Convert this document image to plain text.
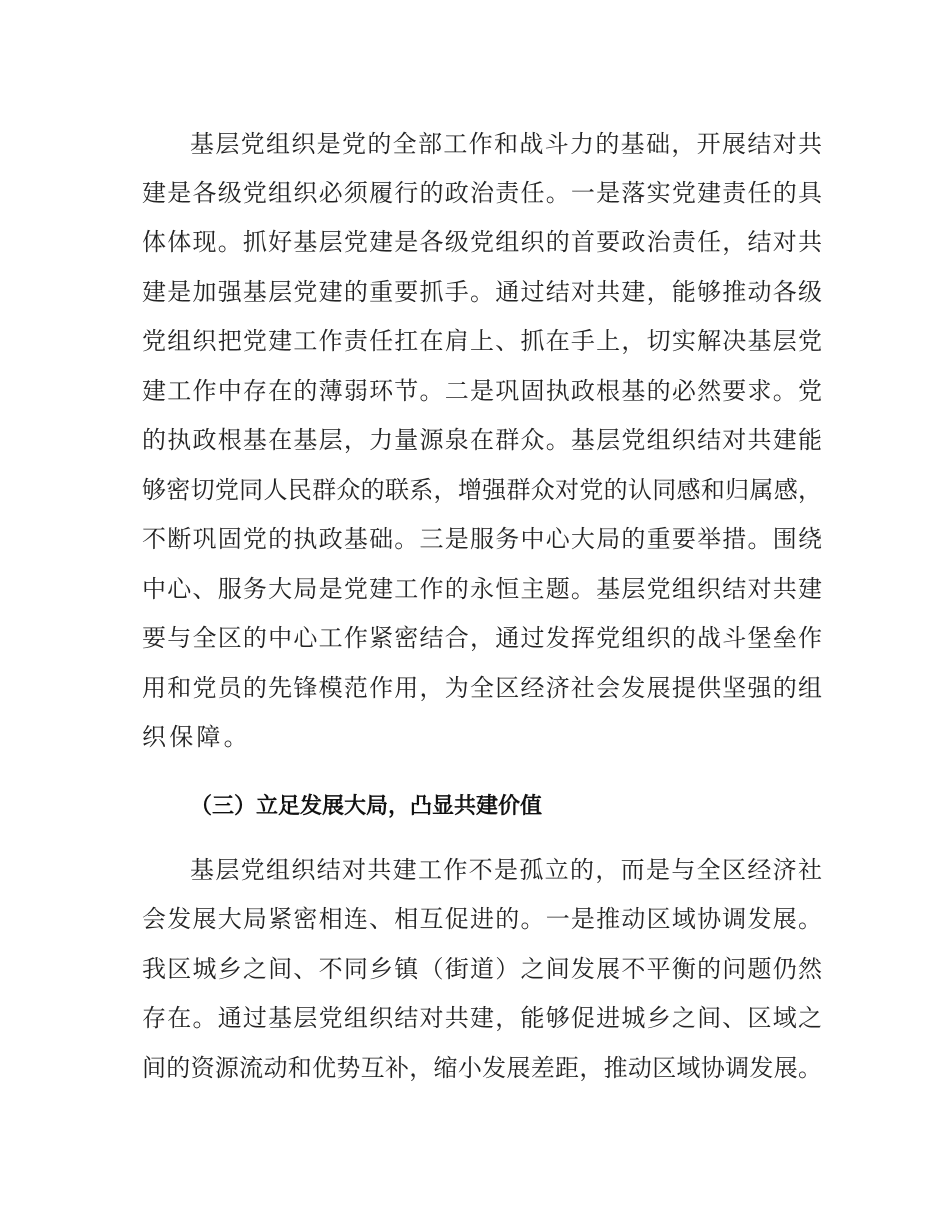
基层党组织是党的全部工作和战斗力的基础，开展结对共
建是各级党组织必须履行的政治责任。一是落实党建责任的具
体体现。抓好基层党建是各级党组织的首要政治责任，结对共
建是加强基层党建的重要抓手。通过结对共建，能够推动各级
党组织把党建工作责任扛在肩上、抓在手上，切实解决基层党
建工作中存在的薄弱环节。二是巩固执政根基的必然要求。党
的执政根基在基层，力量源泉在群众。基层党组织结对共建能
够密切党同人民群众的联系，增强群众对党的认同感和归属感，
不断巩固党的执政基础。三是服务中心大局的重要举措。围绕
中心、服务大局是党建工作的永恒主题。基层党组织结对共建
要与全区的中心工作紧密结合，通过发挥党组织的战斗堡垒作
用和党员的先锋模范作用，为全区经济社会发展提供坚强的组
织保障。
（三）立足发展大局，凸显共建价值
基层党组织结对共建工作不是孤立的，而是与全区经济社
会发展大局紧密相连、相互促进的。一是推动区域协调发展。
我区城乡之间、不同乡镇（街道）之间发展不平衡的问题仍然
存在。通过基层党组织结对共建，能够促进城乡之间、区域之
间的资源流动和优势互补，缩小发展差距，推动区域协调发展。
